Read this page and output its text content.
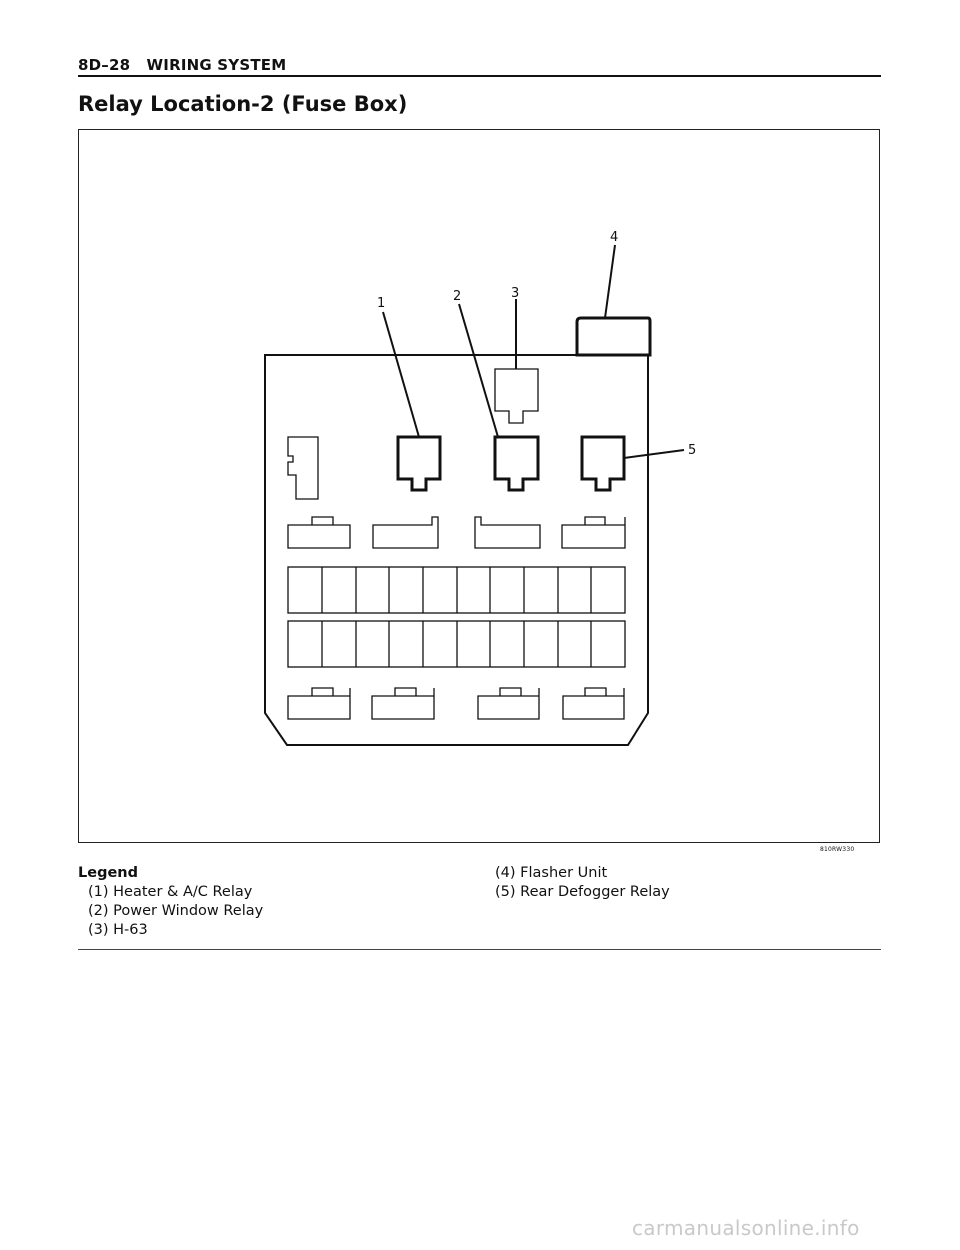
8D–28 WIRING SYSTEM
Relay Location-2 (Fuse Box)
1	2	3
4
5
810RW330
Legend
(1) Heater & A/C Relay
(2) Power Window Relay
(3) H-63
(4) Flasher Unit
(5) Rear Defogger Relay
carmanualsonline.info
